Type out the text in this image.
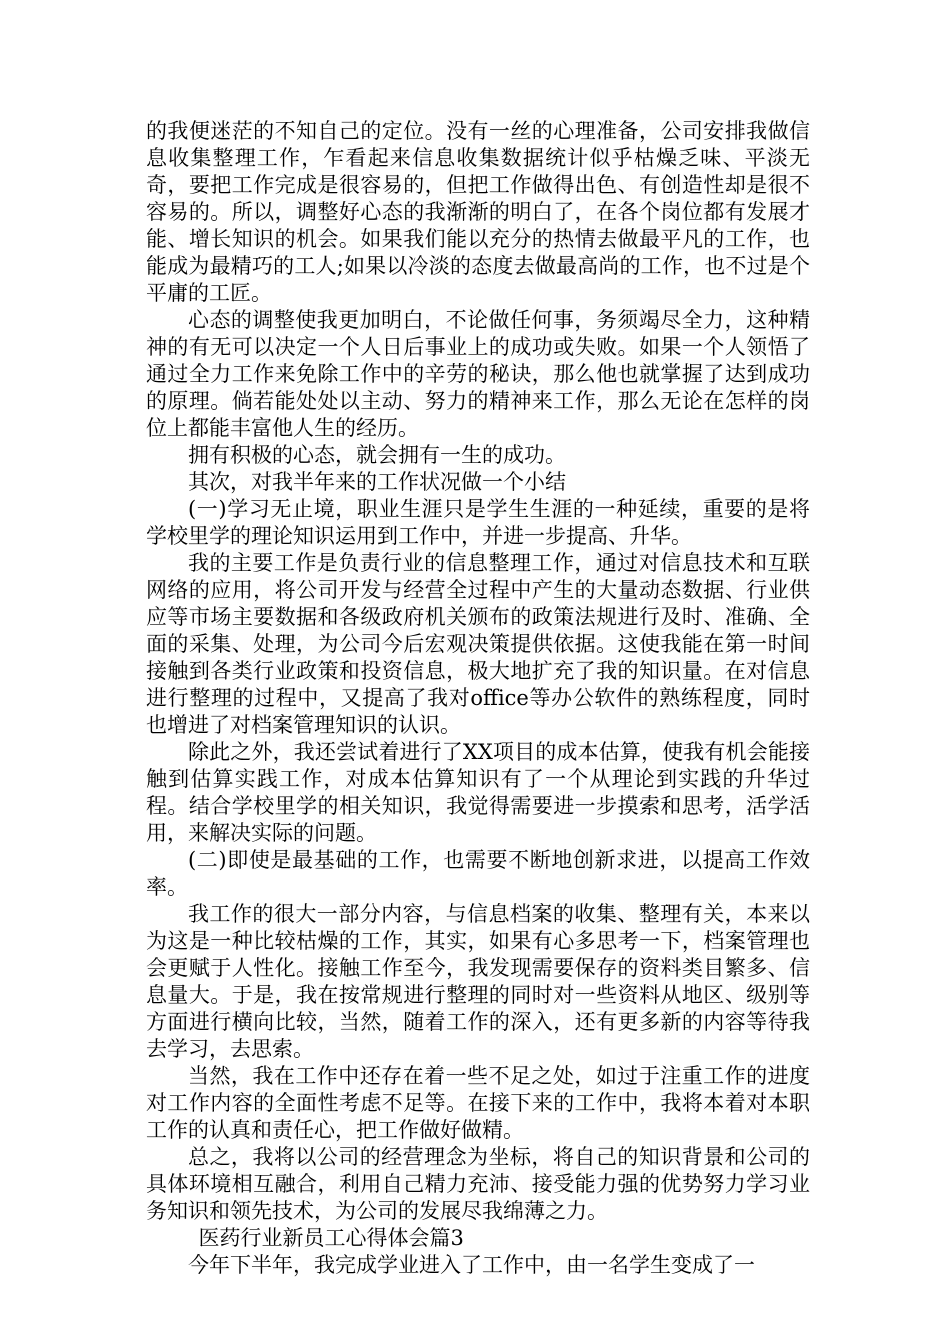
的我便迷茫的不知自己的定位。没有一丝的心理准备，公司安排我做信息收集整理工作，乍看起来信息收集数据统计似乎枯燥乏味、平淡无奇，要把工作完成是很容易的，但把工作做得出色、有创造性却是很不容易的。所以，调整好心态的我渐渐的明白了，在各个岗位都有发展才能、增长知识的机会。如果我们能以充分的热情去做最平凡的工作，也能成为最精巧的工人;如果以冷淡的态度去做最高尚的工作，也不过是个平庸的工匠。

心态的调整使我更加明白，不论做任何事，务须竭尽全力，这种精神的有无可以决定一个人日后事业上的成功或失败。如果一个人领悟了通过全力工作来免除工作中的辛劳的秘诀，那么他也就掌握了达到成功的原理。倘若能处处以主动、努力的精神来工作，那么无论在怎样的岗位上都能丰富他人生的经历。

拥有积极的心态，就会拥有一生的成功。

其次，对我半年来的工作状况做一个小结

(一)学习无止境，职业生涯只是学生生涯的一种延续，重要的是将学校里学的理论知识运用到工作中，并进一步提高、升华。

我的主要工作是负责行业的信息整理工作，通过对信息技术和互联网络的应用，将公司开发与经营全过程中产生的大量动态数据、行业供应等市场主要数据和各级政府机关颁布的政策法规进行及时、准确、全面的采集、处理，为公司今后宏观决策提供依据。这使我能在第一时间接触到各类行业政策和投资信息，极大地扩充了我的知识量。在对信息进行整理的过程中，又提高了我对office等办公软件的熟练程度，同时也增进了对档案管理知识的认识。

除此之外，我还尝试着进行了XX项目的成本估算，使我有机会能接触到估算实践工作，对成本估算知识有了一个从理论到实践的升华过程。结合学校里学的相关知识，我觉得需要进一步摸索和思考，活学活用，来解决实际的问题。

(二)即使是最基础的工作，也需要不断地创新求进，以提高工作效率。

我工作的很大一部分内容，与信息档案的收集、整理有关，本来以为这是一种比较枯燥的工作，其实，如果有心多思考一下，档案管理也会更赋于人性化。接触工作至今，我发现需要保存的资料类目繁多、信息量大。于是，我在按常规进行整理的同时对一些资料从地区、级别等方面进行横向比较，当然，随着工作的深入，还有更多新的内容等待我去学习，去思索。

当然，我在工作中还存在着一些不足之处，如过于注重工作的进度对工作内容的全面性考虑不足等。在接下来的工作中，我将本着对本职工作的认真和责任心，把工作做好做精。

总之，我将以公司的经营理念为坐标，将自己的知识背景和公司的具体环境相互融合，利用自己精力充沛、接受能力强的优势努力学习业务知识和领先技术，为公司的发展尽我绵薄之力。

医药行业新员工心得体会篇3

今年下半年，我完成学业进入了工作中，由一名学生变成了一
